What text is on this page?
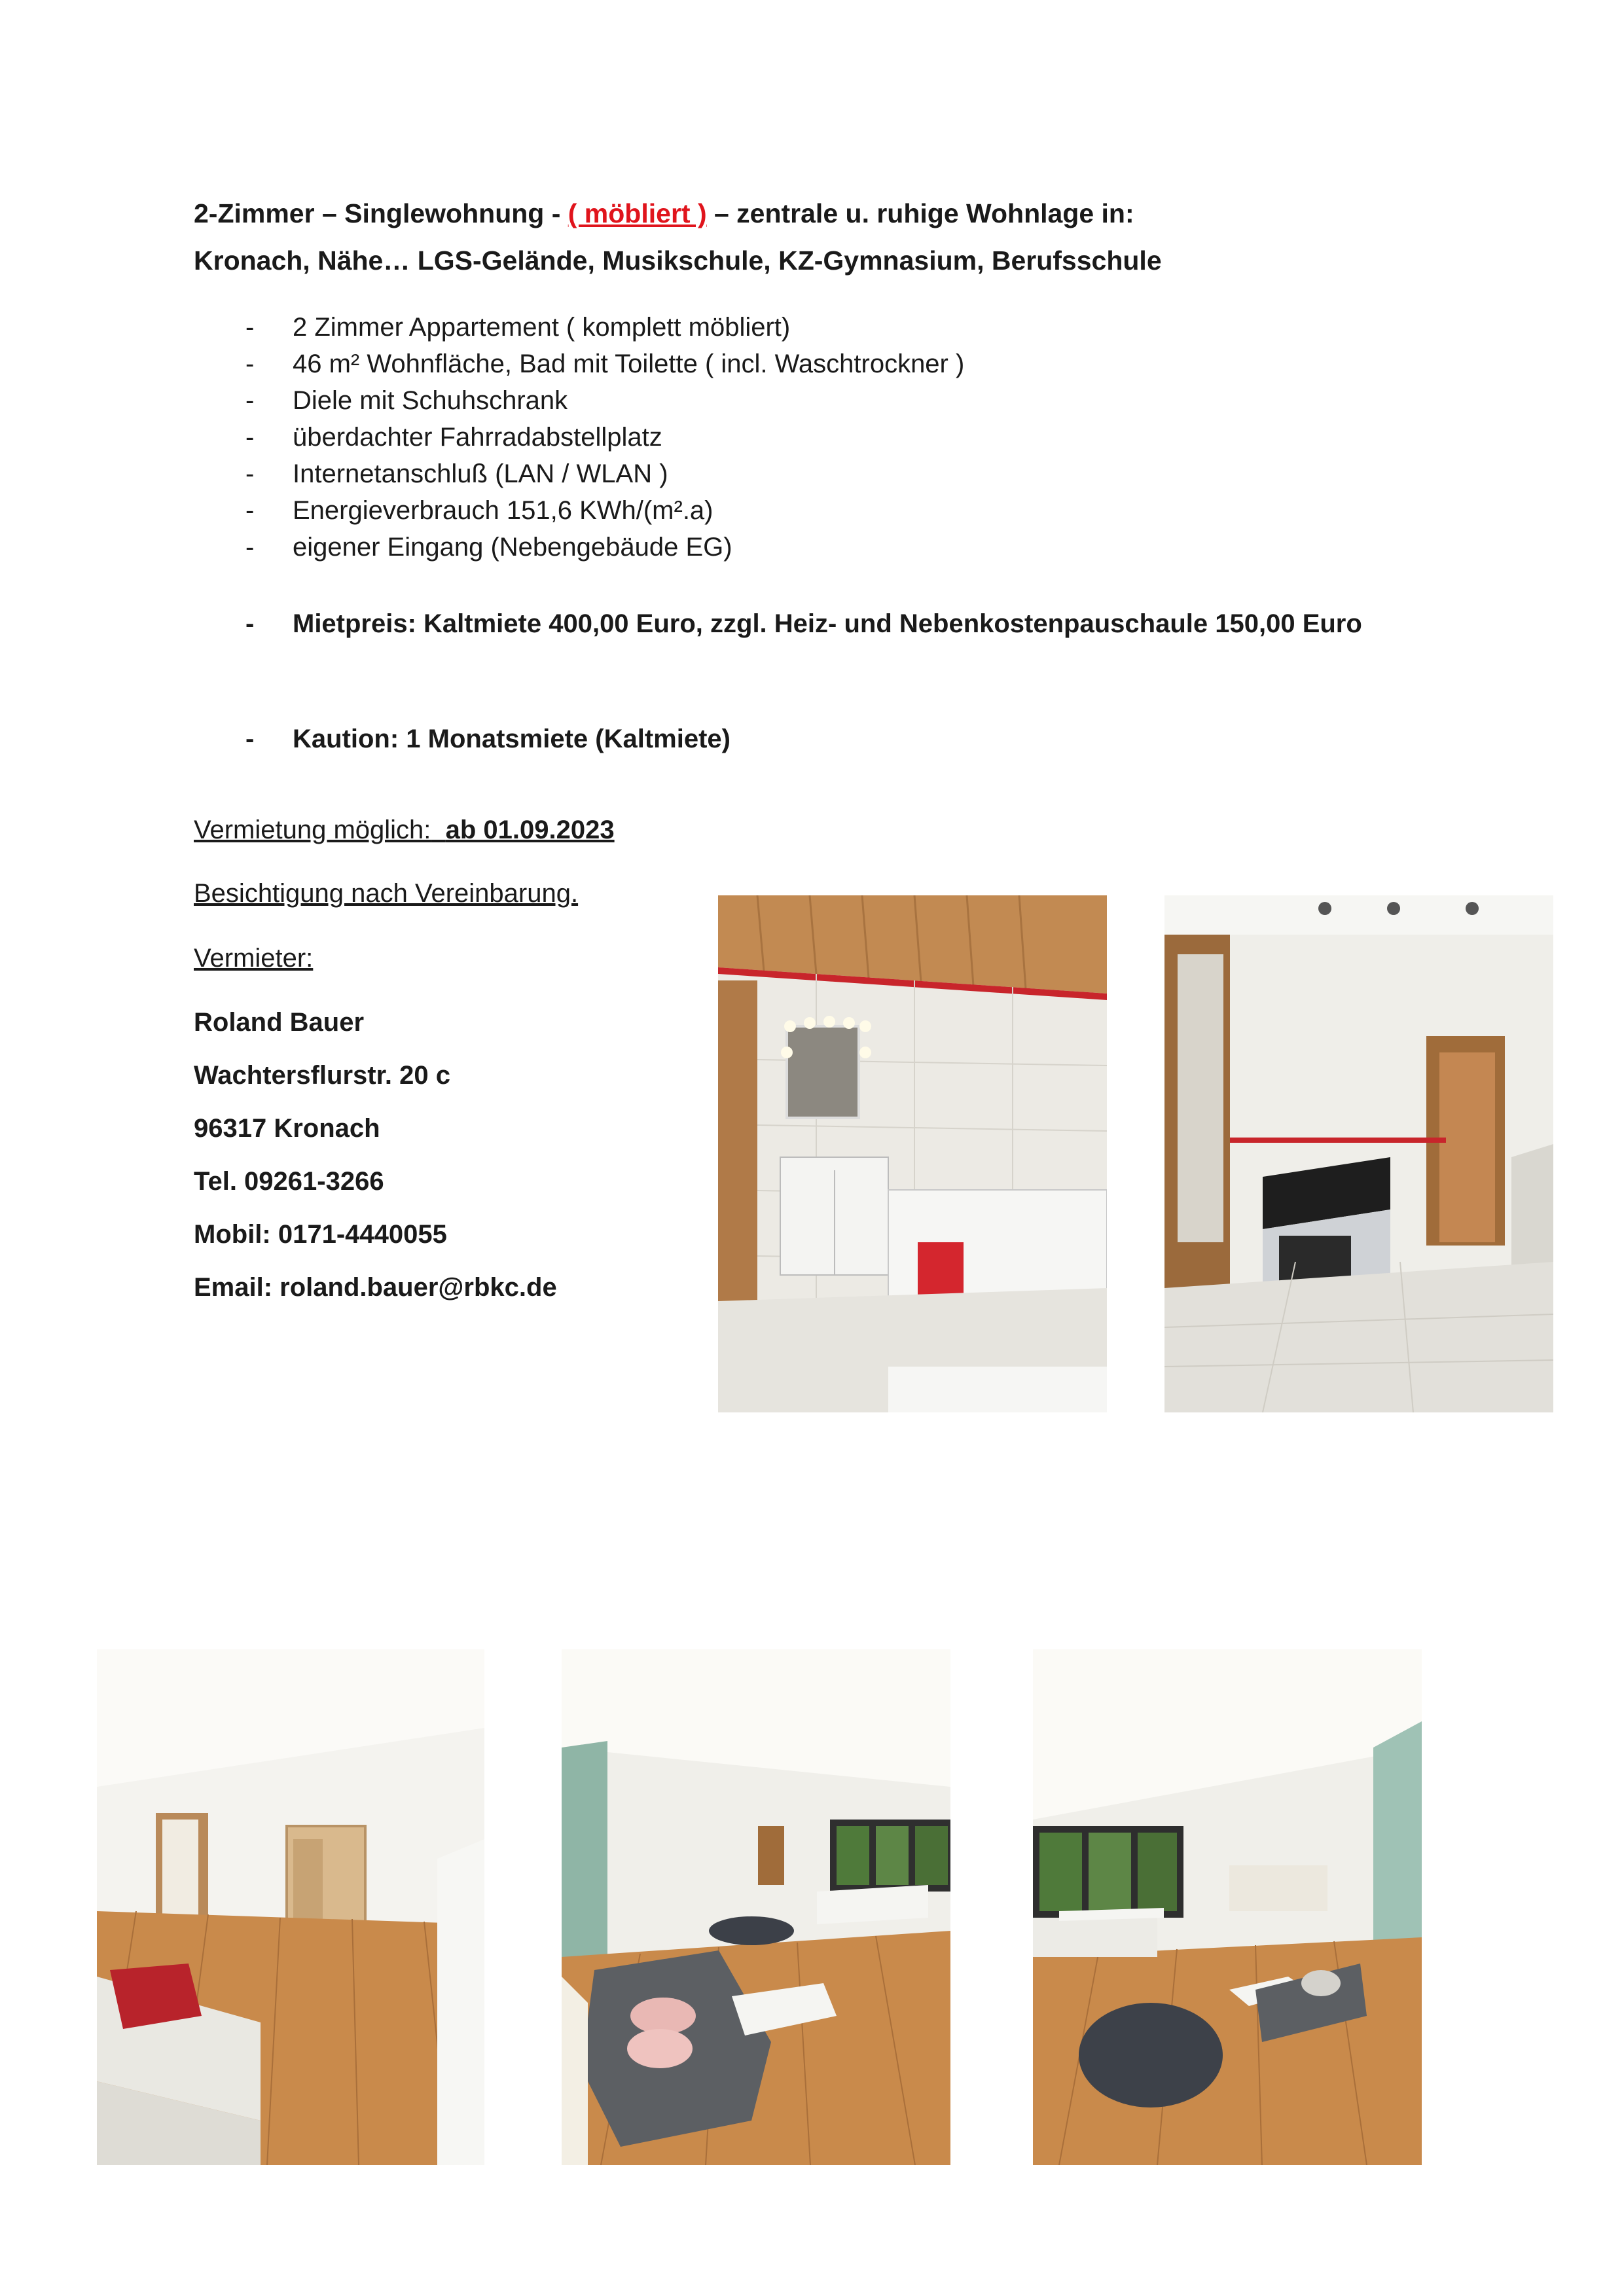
2-Zimmer – Singlewohnung - ( möbliert ) – zentrale u. ruhige Wohnlage in:
Kronach, Nähe… LGS-Gelände, Musikschule, KZ-Gymnasium, Berufsschule
-	2 Zimmer Appartement ( komplett möbliert)
-	46 m² Wohnfläche, Bad mit Toilette ( incl. Waschtrockner )
-	Diele mit Schuhschrank
-	überdachter Fahrradabstellplatz
-	Internetanschluß (LAN / WLAN )
-	Energieverbrauch 151,6 KWh/(m².a)
-	eigener Eingang (Nebengebäude EG)
-	Mietpreis: Kaltmiete 400,00 Euro, zzgl. Heiz- und Nebenkostenpauschaule 150,00 Euro
-	Kaution: 1 Monatsmiete (Kaltmiete)
Vermietung möglich: ab 01.09.2023
Besichtigung nach Vereinbarung.
Vermieter:
Roland Bauer
Wachtersflurstr. 20 c
96317 Kronach
Tel. 09261-3266
Mobil: 0171-4440055
Email: roland.bauer@rbkc.de
